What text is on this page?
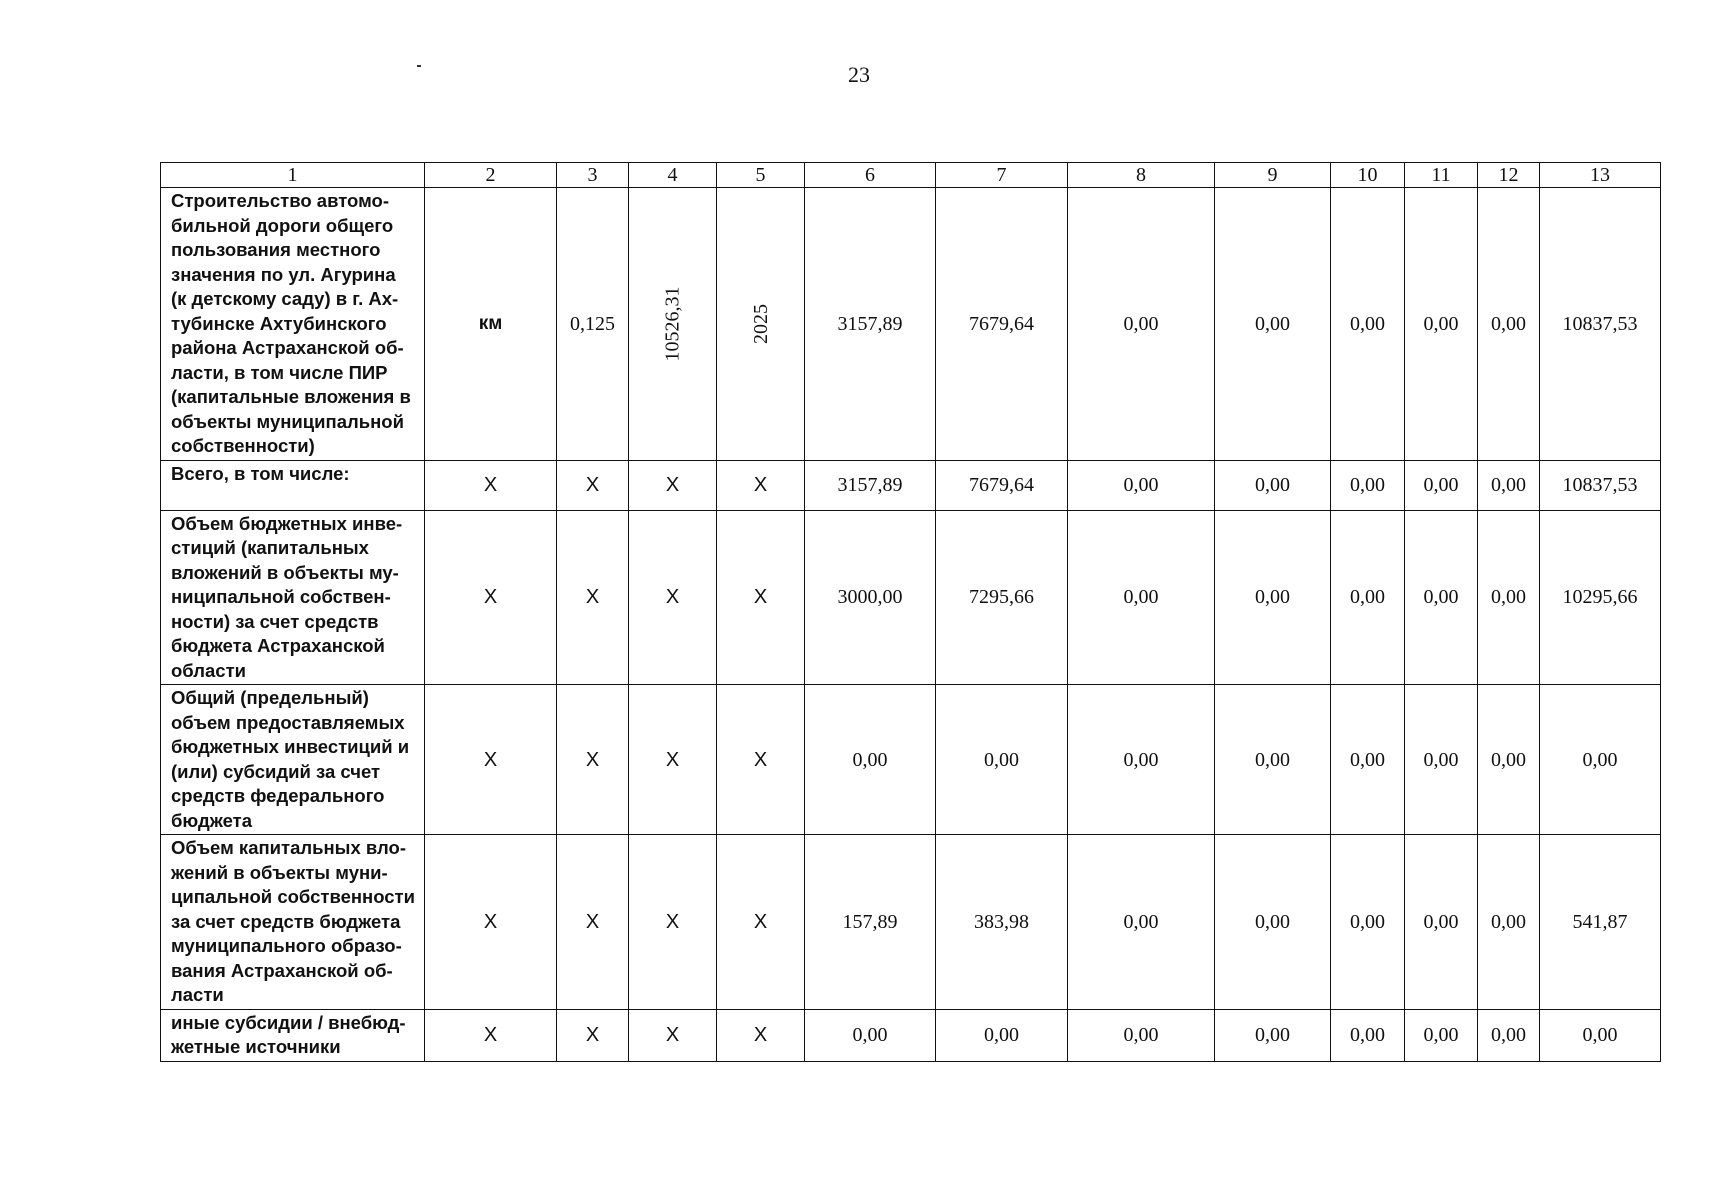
23
1	2	3	4	5	6	7	8	9	10	11	12	13
Строительство автомо-бильной дороги общего пользования местного значения по ул. Агурина (к детскому саду) в г. Ах-тубинске Ахтубинского района Астраханской об-ласти, в том числе ПИР (капитальные вложения в объекты муниципальной собственности)	км	0,125	10526,31	2025	3157,89	7679,64	0,00	0,00	0,00	0,00	0,00	10837,53
Всего, в том числе:	X	X	X	X	3157,89	7679,64	0,00	0,00	0,00	0,00	0,00	10837,53
Объем бюджетных инве-стиций (капитальных вложений в объекты му-ниципальной собствен-ности) за счет средств бюджета Астраханской области	X	X	X	X	3000,00	7295,66	0,00	0,00	0,00	0,00	0,00	10295,66
Общий (предельный) объем предоставляемых бюджетных инвестиций и (или) субсидий за счет средств федерального бюджета	X	X	X	X	0,00	0,00	0,00	0,00	0,00	0,00	0,00	0,00
Объем капитальных вло-жений в объекты муни-ципальной собственности за счет средств бюджета муниципального образо-вания Астраханской об-ласти	X	X	X	X	157,89	383,98	0,00	0,00	0,00	0,00	0,00	541,87
иные субсидии / внебюд-жетные источники	X	X	X	X	0,00	0,00	0,00	0,00	0,00	0,00	0,00	0,00
